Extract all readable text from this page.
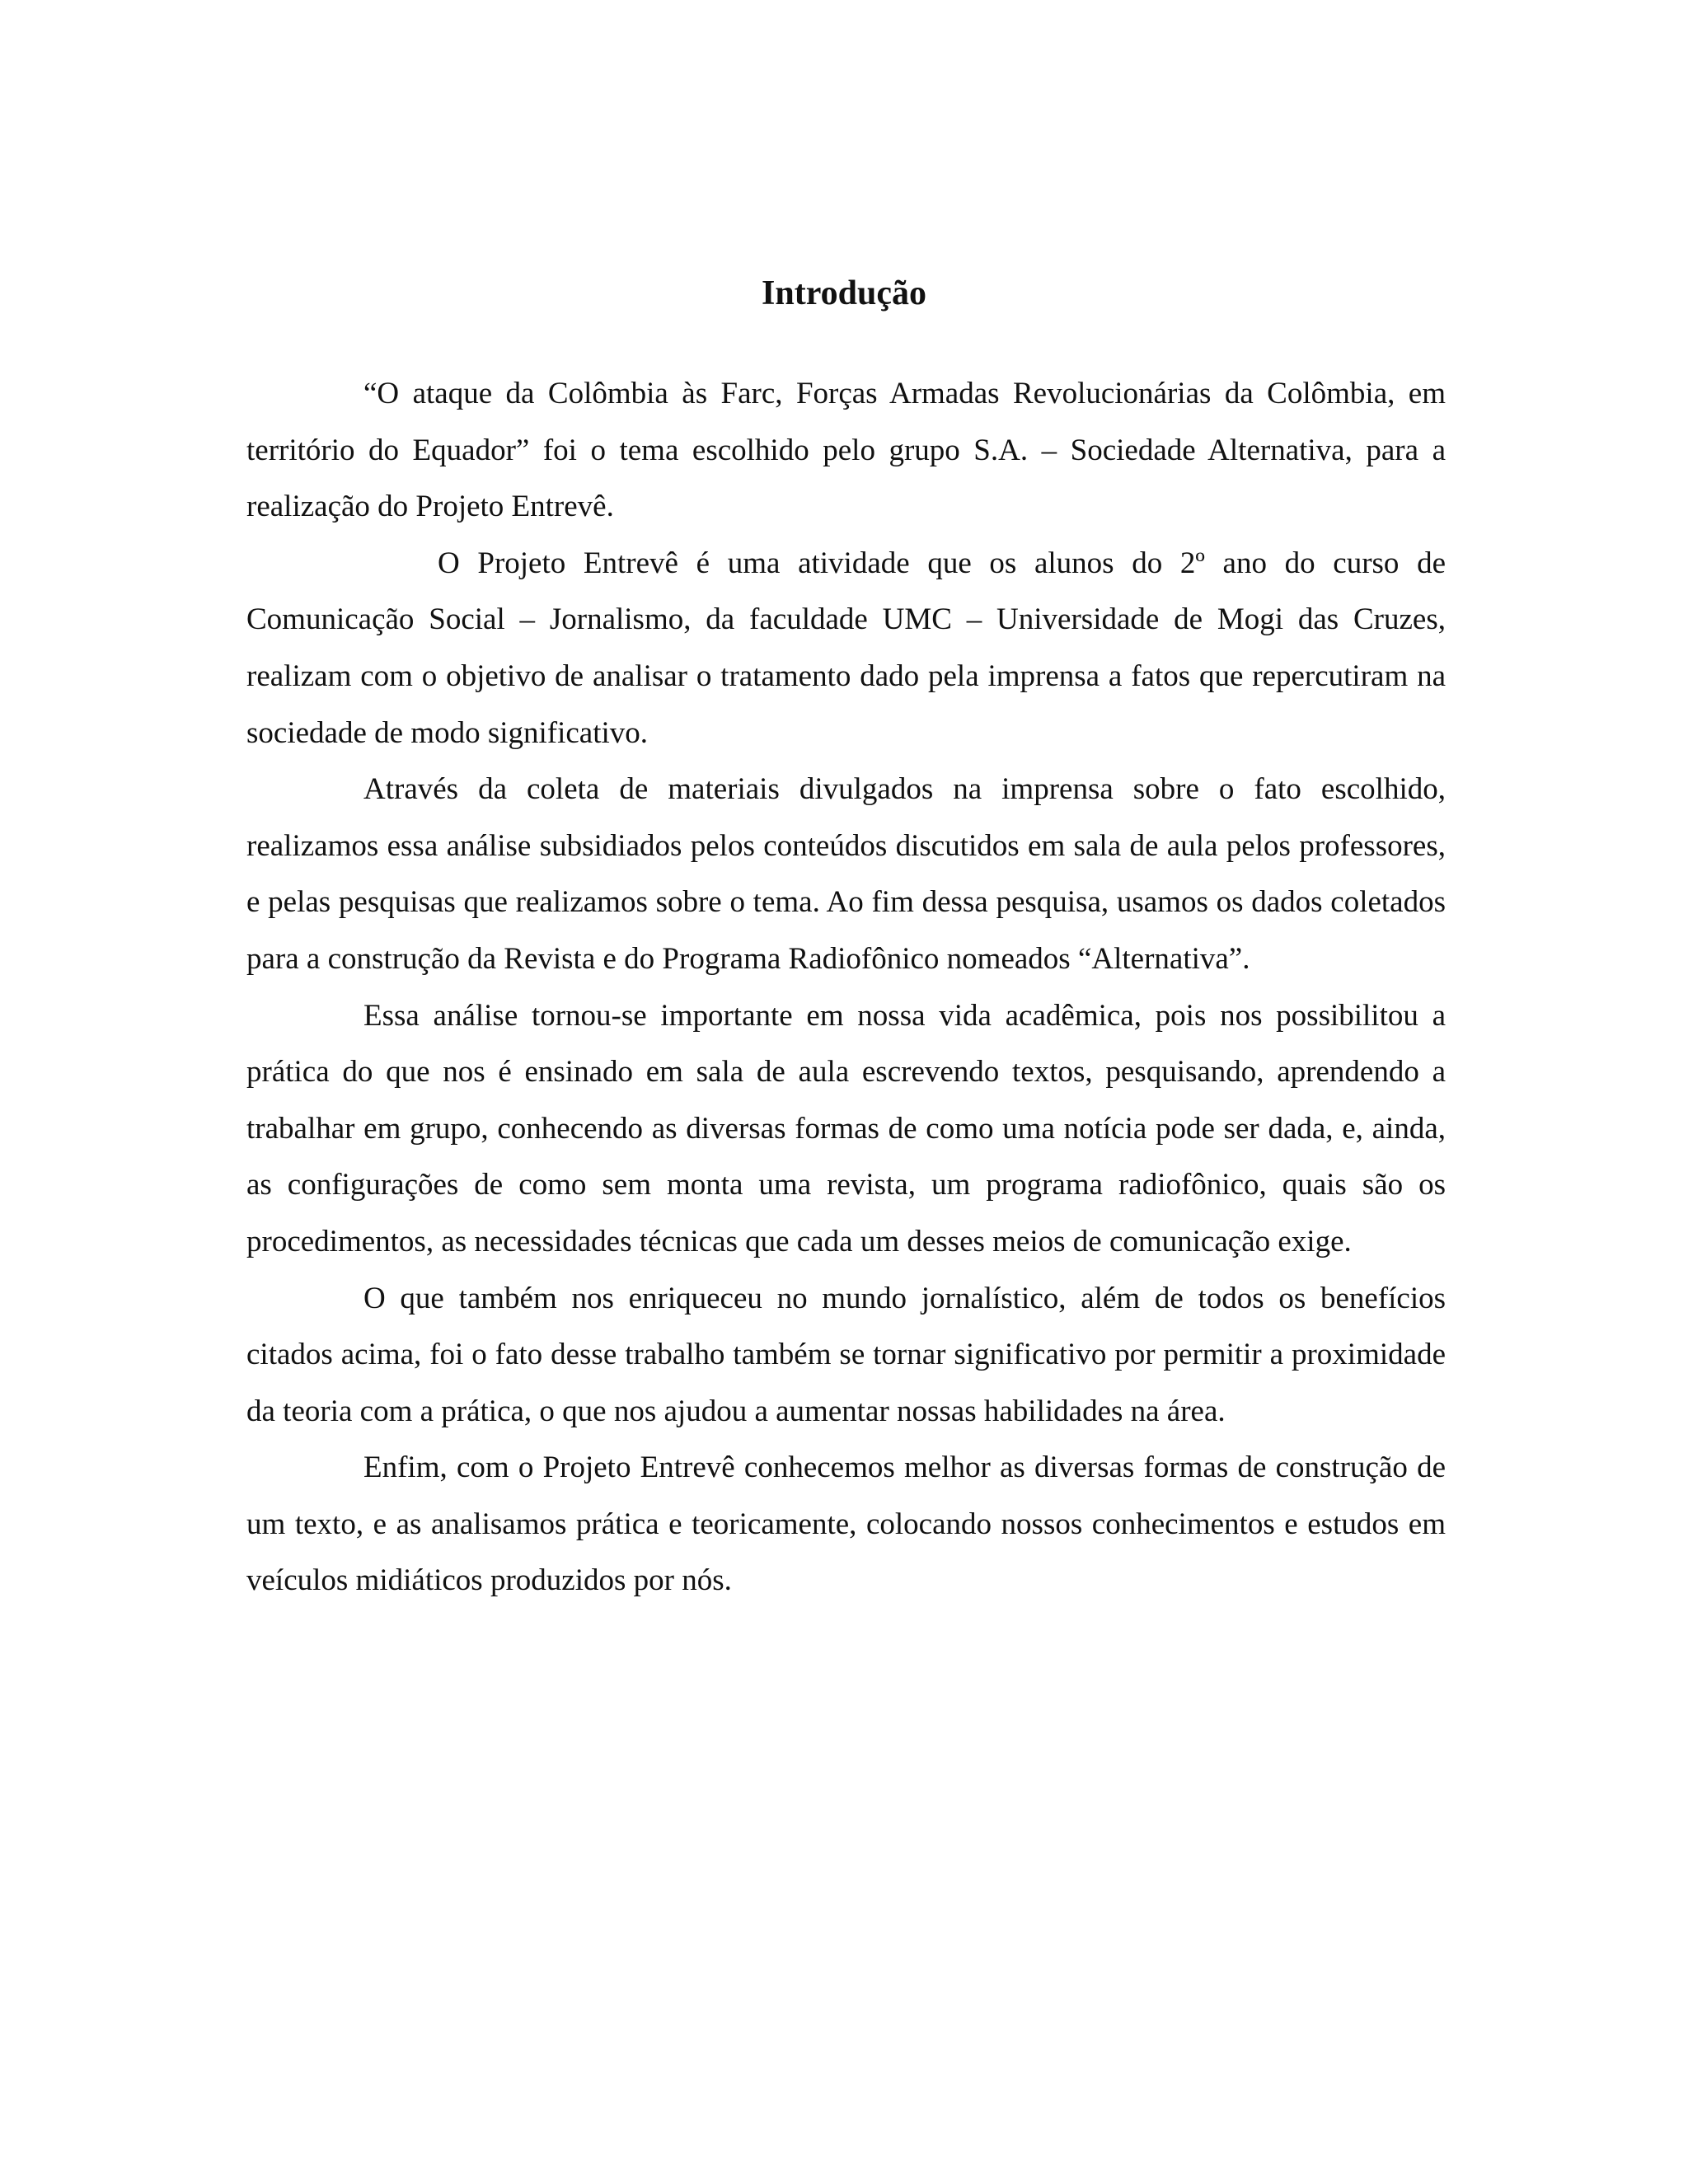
Introdução

“O ataque da Colômbia às Farc, Forças Armadas Revolucionárias da Colômbia, em território do Equador” foi o tema escolhido pelo grupo S.A. – Sociedade Alternativa, para a realização do Projeto Entrevê.

O Projeto Entrevê é uma atividade que os alunos do 2º ano do curso de Comunicação Social – Jornalismo, da faculdade UMC – Universidade de Mogi das Cruzes, realizam com o objetivo de analisar o tratamento dado pela imprensa a fatos que repercutiram na sociedade de modo significativo.

Através da coleta de materiais divulgados na imprensa sobre o fato escolhido, realizamos essa análise subsidiados pelos conteúdos discutidos em sala de aula pelos professores, e pelas pesquisas que realizamos sobre o tema. Ao fim dessa pesquisa, usamos os dados coletados para a construção da Revista e do Programa Radiofônico nomeados “Alternativa”.

Essa análise tornou-se importante em nossa vida acadêmica, pois nos possibilitou a prática do que nos é ensinado em sala de aula escrevendo textos, pesquisando, aprendendo a trabalhar em grupo, conhecendo as diversas formas de como uma notícia pode ser dada, e, ainda, as configurações de como sem monta uma revista, um programa radiofônico, quais são os procedimentos, as necessidades técnicas que cada um desses meios de comunicação exige.

O que também nos enriqueceu no mundo jornalístico, além de todos os benefícios citados acima, foi o fato desse trabalho também se tornar significativo por permitir a proximidade da teoria com a prática, o que nos ajudou a aumentar nossas habilidades na área.

Enfim, com o Projeto Entrevê conhecemos melhor as diversas formas de construção de um texto, e as analisamos prática e teoricamente, colocando nossos conhecimentos e estudos em veículos midiáticos produzidos por nós.
